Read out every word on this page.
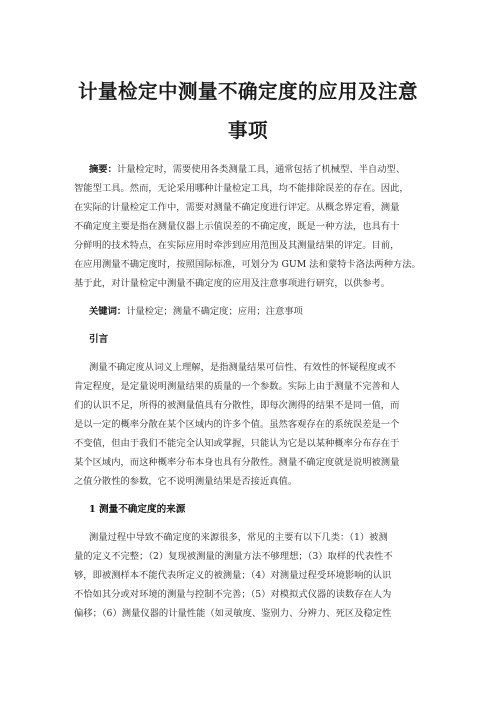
计量检定中测量不确定度的应用及注意
事项
摘要：计量检定时，需要使用各类测量工具，通常包括了机械型、半自动型、
智能型工具。然而，无论采用哪种计量检定工具，均不能排除误差的存在。因此，
在实际的计量检定工作中，需要对测量不确定度进行评定。从概念界定看，测量
不确定度主要是指在测量仪器上示值误差的不确定度，既是一种方法，也具有十
分鲜明的技术特点，在实际应用时牵涉到应用范围及其测量结果的评定。目前，
在应用测量不确定度时，按照国际标准，可划分为 GUM 法和蒙特卡洛法两种方法。
基于此，对计量检定中测量不确定度的应用及注意事项进行研究，以供参考。
关键词：计量检定；测量不确定度；应用；注意事项
引言
测量不确定度从词义上理解，是指测量结果可信性、有效性的怀疑程度或不
肯定程度，是定量说明测量结果的质量的一个参数。实际上由于测量不完善和人
们的认识不足，所得的被测量值具有分散性，即每次测得的结果不是同一值，而
是以一定的概率分散在某个区域内的许多个值。虽然客观存在的系统误差是一个
不变值，但由于我们不能完全认知或掌握，只能认为它是以某种概率分布存在于
某个区域内，而这种概率分布本身也具有分散性。测量不确定度就是说明被测量
之值分散性的参数，它不说明测量结果是否接近真值。
1 测量不确定度的来源
测量过程中导致不确定度的来源很多，常见的主要有以下几类：（1）被测
量的定义不完整；（2）复现被测量的测量方法不够理想；（3）取样的代表性不
够，即被测样本不能代表所定义的被测量；（4）对测量过程受环境影响的认识
不恰如其分或对环境的测量与控制不完善；（5）对模拟式仪器的读数存在人为
偏移；（6）测量仪器的计量性能（如灵敏度、鉴别力、分辨力、死区及稳定性
